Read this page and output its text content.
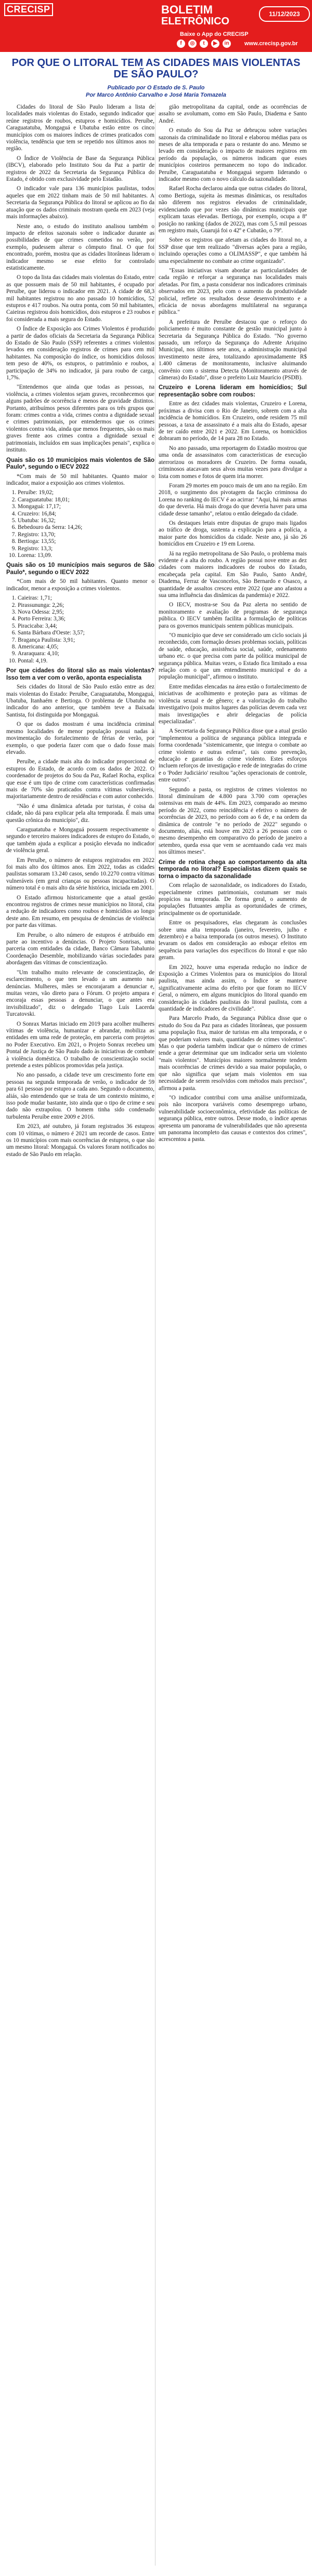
CRECISP	BOLETIM
ELETRÔNICO
11/12/2023
Baixe o App do CRECISP
f	◎	t	▶	in	www.crecisp.gov.br
POR QUE O LITORAL TEM AS CIDADES MAIS VIOLENTAS DE SÃO PAULO?
Publicado por O Estado de S. Paulo
Por Marco Antônio Carvalho e José Maria Tomazela

Cidades do litoral de São Paulo lideram a lista de localidades mais violentas do Estado, segundo indicador que reúne registros de roubos, estupros e homicídios. Peruíbe, Caraguatatuba, Mongaguá e Ubatuba estão entre os cinco municípios com os maiores índices de crimes praticados com violência, tendência que tem se repetido nos últimos anos no região.

O Índice de Violência de Base da Segurança Pública (IBCV), elaborado pelo Instituto Sou da Paz a partir de registros de 2022 da Secretaria da Segurança Pública do Estado, é obtido com exclusividade pelo Estadão.

O indicador vale para 136 municípios paulistas, todos aqueles que em 2022 tinham mais de 50 mil habitantes. A Secretaria da Segurança Pública do litoral se aplicou ao fio da atuação que os dados criminais mostram queda em 2023 (veja mais informações abaixo).

Neste ano, o estudo do instituto analisou também o impacto de efeitos sazonais sobre o indicador durante as possibilidades de que crimes cometidos no verão, por exemplo, pudessem alterar o cômputo final. O que foi encontrado, porém, mostra que as cidades litorâneas lideram o indicador mesmo se esse efeito for controlado estatisticamente.

O topo da lista das cidades mais violentas do Estado, entre as que possuem mais de 50 mil habitantes, é ocupado por Peruíbe, que liderou o indicador em 2021. A cidade de 68,3 mil habitantes registrou no ano passado 10 homicídios, 52 estupros e 417 roubos. Na outra ponta, com 50 mil habitantes, Caieiras registrou dois homicídios, dois estupros e 23 roubos e foi considerada a mais segura do Estado.

O Índice de Exposição aos Crimes Violentos é produzido a partir de dados oficiais da Secretaria da Segurança Pública do Estado de São Paulo (SSP) referentes a crimes violentos levados em consideração registros de crimes para cem mil habitantes. Na composição do índice, os homicídios dolosos tem peso de 40%, os estupros, o patrimônio e roubos, a participação de 34% no indicador, já para roubo de carga, 1,7%.

"Entendemos que ainda que todas as pessoas, na violência, a crimes violentos sejam graves, reconhecemos que alguns padrões de ocorrência é menos de gravidade distintos. Portanto, atribuímos pesos diferentes para os três grupos que foram: crimes contra a vida, crimes contra a dignidade sexual e crimes patrimoniais, por entendermos que os crimes violentos contra vida, ainda que menos frequentes, são os mais graves frente aos crimes contra a dignidade sexual e patrimoniais, incluídos em suas implicações penais", explica o instituto.

Quais são os 10 municípios mais violentos de São Paulo*, segundo o IECV 2022

*Com mais de 50 mil habitantes. Quanto maior o indicador, maior a exposição aos crimes violentos.

1. Peruíbe: 19,02;
2. Caraguatatuba: 18,01;
3. Mongaguá: 17,17;
4. Cruzeiro: 16,84;
5. Ubatuba: 16,32;
6. Bebedouro da Serra: 14,26;
7. Registro: 13,70;
8. Bertioga: 13,55;
9. Registro: 13,3;
10. Lorena: 13,09.
Quais são os 10 municípios mais seguros de São Paulo*, segundo o IECV 2022

*Com mais de 50 mil habitantes. Quanto menor o indicador, menor a exposição a crimes violentos.

1. Caieiras: 1,71;
2. Pirassununga: 2,26;
3. Nova Odessa: 2,95;
4. Porto Ferreira: 3,36;
5. Piracicaba: 3,44;
6. Santa Bárbara d'Oeste: 3,57;
7. Bragança Paulista: 3,91;
8. Americana: 4,05;
9. Araraquara: 4,10;
10. Pontal: 4,19.
Por que cidades do litoral são as mais violentas? Isso tem a ver com o verão, aponta especialista

Seis cidades do litoral de São Paulo estão entre as dez mais violentas do Estado: Peruíbe, Caraguatatuba, Mongaguá, Ubatuba, Itanhaém e Bertioga. O problema de Ubatuba no indicador do ano anterior, que também teve a Baixada Santista, foi distinguida por Mongaguá.

O que os dados mostram é uma incidência criminal mesmo localidades de menor população possui nadas à movimentação do fortalecimento de férias de verão, por exemplo, o que poderia fazer com que o dado fosse mais elevado.

Peruíbe, a cidade mais alta do indicador proporcional de estupros do Estado, de acordo com os dados de 2022. O coordenador de projetos do Sou da Paz, Rafael Rocha, explica que esse é um tipo de crime com características confirmadas mais de 70% são praticados contra vítimas vulneráveis, majoritariamente dentro de residências e com autor conhecido.

"Não é uma dinâmica afetada por turistas, é coisa da cidade, não dá para explicar pela alta temporada. É mais uma questão crônica do município", diz.

Caraguatatuba e Mongaguá possuem respectivamente o segundo e terceiro maiores indicadores de estupro do Estado, o que também ajuda a explicar a posição elevada no indicador de violência geral.

Em Peruíbe, o número de estupros registrados em 2022 foi mais alto dos últimos anos. Em 2022, todas as cidades paulistas somaram 13.240 casos, sendo 10.2270 contra vítimas vulneráveis (em geral crianças ou pessoas incapacitadas). O número total é o mais alto da série histórica, iniciada em 2001.

O Estado afirmou historicamente que a atual gestão encontrou registros de crimes nesse municípios no litoral, cita a redução de indicadores como roubos e homicídios ao longo deste ano. Em resumo, em pesquisa de denúncias de violência por parte das vítimas.

Em Peruíbe, o alto número de estupros é atribuído em parte ao incentivo a denúncias. O Projeto Sonrisas, uma parceria com entidades da cidade, Banco Câmara Tabalunio Coordenação Desemble, mobilizando várias sociedades para abordagem das vítimas de conscientização.

"Um trabalho muito relevante de conscientização, de esclarecimento, o que tem levado a um aumento nas denúncias. Mulheres, mães se encorajaram a denunciar e, muitas vezes, vão direto para o Fórum. O projeto ampara e encoraja essas pessoas a denunciar, o que antes era invisibilizado", diz o delegado Tiago Luís Lacerda Turcatovski.

O Sonrax Martas iniciado em 2019 para acolher mulheres vítimas de violência, humanizar e abrandar, mobiliza as entidades em uma rede de proteção, em parceria com projetos no Poder Executivo. Em 2021, o Projeto Sonrax recebeu um Pontal de Justiça de São Paulo dado às iniciativas de combate à violência doméstica. O trabalho de conscientização social pretende a estes públicos promovidas pela justiça.

No ano passado, a cidade teve um crescimento forte em pessoas na segunda temporada de verão, o indicador de 59 para 61 pessoas por estupro a cada ano. Segundo o documento, aliás, são entendendo que se trata de um contexto mínimo, e isso pode mudar bastante, isto ainda que o tipo de crime e seu dado não extrapolou. O homem tinha sido condenado turbulenta Peruíbe entre 2009 e 2016.

Em 2023, até outubro, já foram registrados 36 estupros com 10 vítimas, o número é 2021 um recorde de casos. Entre os 10 municípios com mais ocorrências de estupros, o que são um mesmo litoral: Mongaguá. Os valores foram notificados no estado de São Paulo em relação.

gião metropolitana da capital, onde as ocorrências de assalto se avolumam, como em São Paulo, Diadema e Santo André.

O estudo do Sou da Paz se debruçou sobre variações sazonais da criminalidade no litoral e elaborou médias para os meses de alta temporada e para o restante do ano. Mesmo se levado em consideração o impacto de maiores registros em período da população, os números indicam que esses municípios costeiros permanecem no topo do indicador. Peruíbe, Caraguatatuba e Mongaguá seguem liderando o indicador mesmo com o novo cálculo da sazonalidade.

Rafael Rocha declarou ainda que outras cidades do litoral, como Bertioga, sujeita às mesmas dinâmicas, os resultados não diferem nos registros elevados de criminalidade, evidenciando que por vezes são dinâmicas municipais que explicam taxas elevadas. Bertioga, por exemplo, ocupa a 8ª posição no ranking (dados de 2022), mas com 5,5 mil pessoas em registro mais, Guarujá foi o 42º e Cubatão, o 79º.

Sobre os registros que afetam as cidades do litoral no, a SSP disse que tem realizado "diversas ações para a região, incluindo operações como a OLIMASSP", e que também há uma especialmente no combate ao crime organizado".

"Essas iniciativas visam abordar as particularidades de cada região e reforçar a segurança nas localidades mais afetadas. Por fim, a pasta considerar nos indicadores criminais observados em 2023, pelo com o aumento da produtividade policial, reflete os resultados desse desenvolvimento e a eficácia de novas abordagens multilateral na segurança pública."

A prefeitura de Peruíbe destacou que o reforço do policiamento é muito constante de gestão municipal junto à Secretaria da Segurança Pública do Estado. "No governo passado, um reforço da Segurança do Adrente Ariquino Municipal, nos últimos sete anos, a administração municipal investimento neste área, totalizando aproximadamente R$ 1.400 câmeras de monitoramento, inclusive aluimando convênio com o sistema Detecta (Monitoramento através de câmeras) do Estado", disse o prefeito Luiz Maurício (PSDB).

Cruzeiro e Lorena lideram em homicídios; Sul representação sobre com roubos:

Entre as dez cidades mais violentas, Cruzeiro e Lorena, próximas a divisa com o Rio de Janeiro, sobrem com a alta incidência de homicídios. Em Cruzeiro, onde residem 75 mil pessoas, a taxa de assassinato é a mais alta do Estado, apesar de ter caído entre 2021 e 2022. Em Lorena, os homicídios dobraram no período, de 14 para 28 no Estado.

No ano passado, uma reportagem do Estadão mostrou que uma onda de assassinatos com características de execução aterrorizou os moradores de Cruzeiro. De forma ousada, criminosos atacavam seus alvos muitas vezes para divulgar a lista com nomes e fotos de quem iria morrer.

Foram 29 mortes em pouco mais de um ano na região. Em 2018, o surgimento dos pivotagem da facção criminosa do Lorena no ranking do IECV é ao acirrar: "Aqui, há mais armas do que deveria. Há mais droga do que deveria haver para uma cidade desse tamanho", relatou o então delegado da cidade.

Os destaques letais entre disputas de grupo mais ligados ao tráfico de droga, sustenta a explicação para a polícia, a maior parte dos homicídios da cidade. Neste ano, já são 26 homicídios em Cruzeiro e 19 em Lorena.

Já na região metropolitana de São Paulo, o problema mais evidente é a alta do roubo. A região possui nove entre as dez cidades com maiores indicadores de roubos do Estado, encabeçada pela capital. Em São Paulo, Santo André, Diadema, Ferraz de Vasconcelos, São Bernardo e Osasco, a quantidade de assaltos cresceu entre 2022 (que ano afastou a sua uma influência das dinâmicas da pandemia) e 2022.

O IECV, mostra-se Sou da Paz alerta no sentido de monitoramento e avaliação de programas de segurança pública. O IECV também facilita a formulação de políticas para os governos municipais sentem públicas municipais.

"O município que deve ser considerado um ciclo sociais já reconhecido, com formação desses problemas sociais, políticas de saúde, educação, assistência social, saúde, ordenamento urbano etc. o que precisa com parte da política municipal de segurança pública. Muitas vezes, o Estado fica limitado a essa relação com o que um entendimento municipal e do a população municipal", afirmou o instituto.

Entre medidas elencadas na área estão o fortalecimento de iniciativas de acolhimento e proteção para as vítimas de violência sexual e de gênero; e a valorização do trabalho investigativo (pois muitos lugares das polícias devem cada vez mais investigações e abrir delegacias de polícia especializadas".

A Secretaria da Segurança Pública disse que a atual gestão "implementou a política de segurança pública integrada e forma coordenada "sistemicamente, que integra o combate ao crime violento e outras esferas", tais como prevenção, educação e garantias do crime violento. Estes esforços incluem reforços de investigação e rede de integradas do crime e o 'Poder Judiciário' resultou "ações operacionais de controle, entre outros".

Segundo a pasta, os registros de crimes violentos no litoral diminuíram de 4.800 para 3.700 com operações ostensivas em mais de 44%. Em 2023, comparado ao mesmo período de 2022, como reincidência é efetivo o número de ocorrências de 2023, no período com ao 6 de, e na ordem da dinâmica de controle "e no período de 2022" segundo o documento, aliás, está houve em 2023 a 26 pessoas com o mesmo desempenho em comparativo do período de janeiro a setembro, queda essa que vem se acentuando cada vez mais nos últimos meses".

Crime de rotina chega ao comportamento da alta temporada no litoral? Especialistas dizem quais se torna o impacto da sazonalidade

Com relação de sazonalidade, os indicadores do Estado, especialmente crimes patrimoniais, costumam ser mais propícios na temporada. De forma geral, o aumento de populações flutuantes amplia as oportunidades de crimes, principalmente os de oportunidade.

Entre os pesquisadores, elas chegaram às conclusões sobre uma alta temporada (janeiro, fevereiro, julho e dezembro) e a baixa temporada (os outros meses). O Instituto levaram os dados em consideração ao esboçar efeitos em sequência para variações dos específicos do litoral e que não geram.

Em 2022, houve uma esperada redução no índice de Exposição a Crimes Violentos para os municípios do litoral paulista, mas ainda assim, o Índice se manteve significativamente acima do efeito por que foram no IECV Geral, o número, em alguns municípios do litoral quando em consideração às cidades paulistas do litoral paulista, com a quantidade de indicadores de civilidade".

Para Marcelo Prado, da Segurança Pública disse que o estudo do Sou da Paz para as cidades litorâneas, que possuem uma população fixa, maior de turistas em alta temporada, e o que poderiam valores mais, quantidades de crimes violentos". Mas o que poderia também indicar que o número de crimes tende a gerar determinar que um indicador seria um violento "mais violentos". Municípios maiores normalmente tendem mais ocorrências de crimes devido a sua maior população, o que não significa que sejam mais violentos em sua necessidade de serem resolvidos com métodos mais precisos", afirmou a pasta.

"O indicador contribui com uma análise uniformizada, pois não incorpora variáveis como desemprego urbano, vulnerabilidade socioeconômica, efetividade das políticas de segurança pública, entre outros. Desse modo, o índice apenas apresenta um panorama de vulnerabilidades que não apresenta um panorama incompleto das causas e contextos dos crimes", acrescentou a pasta.
